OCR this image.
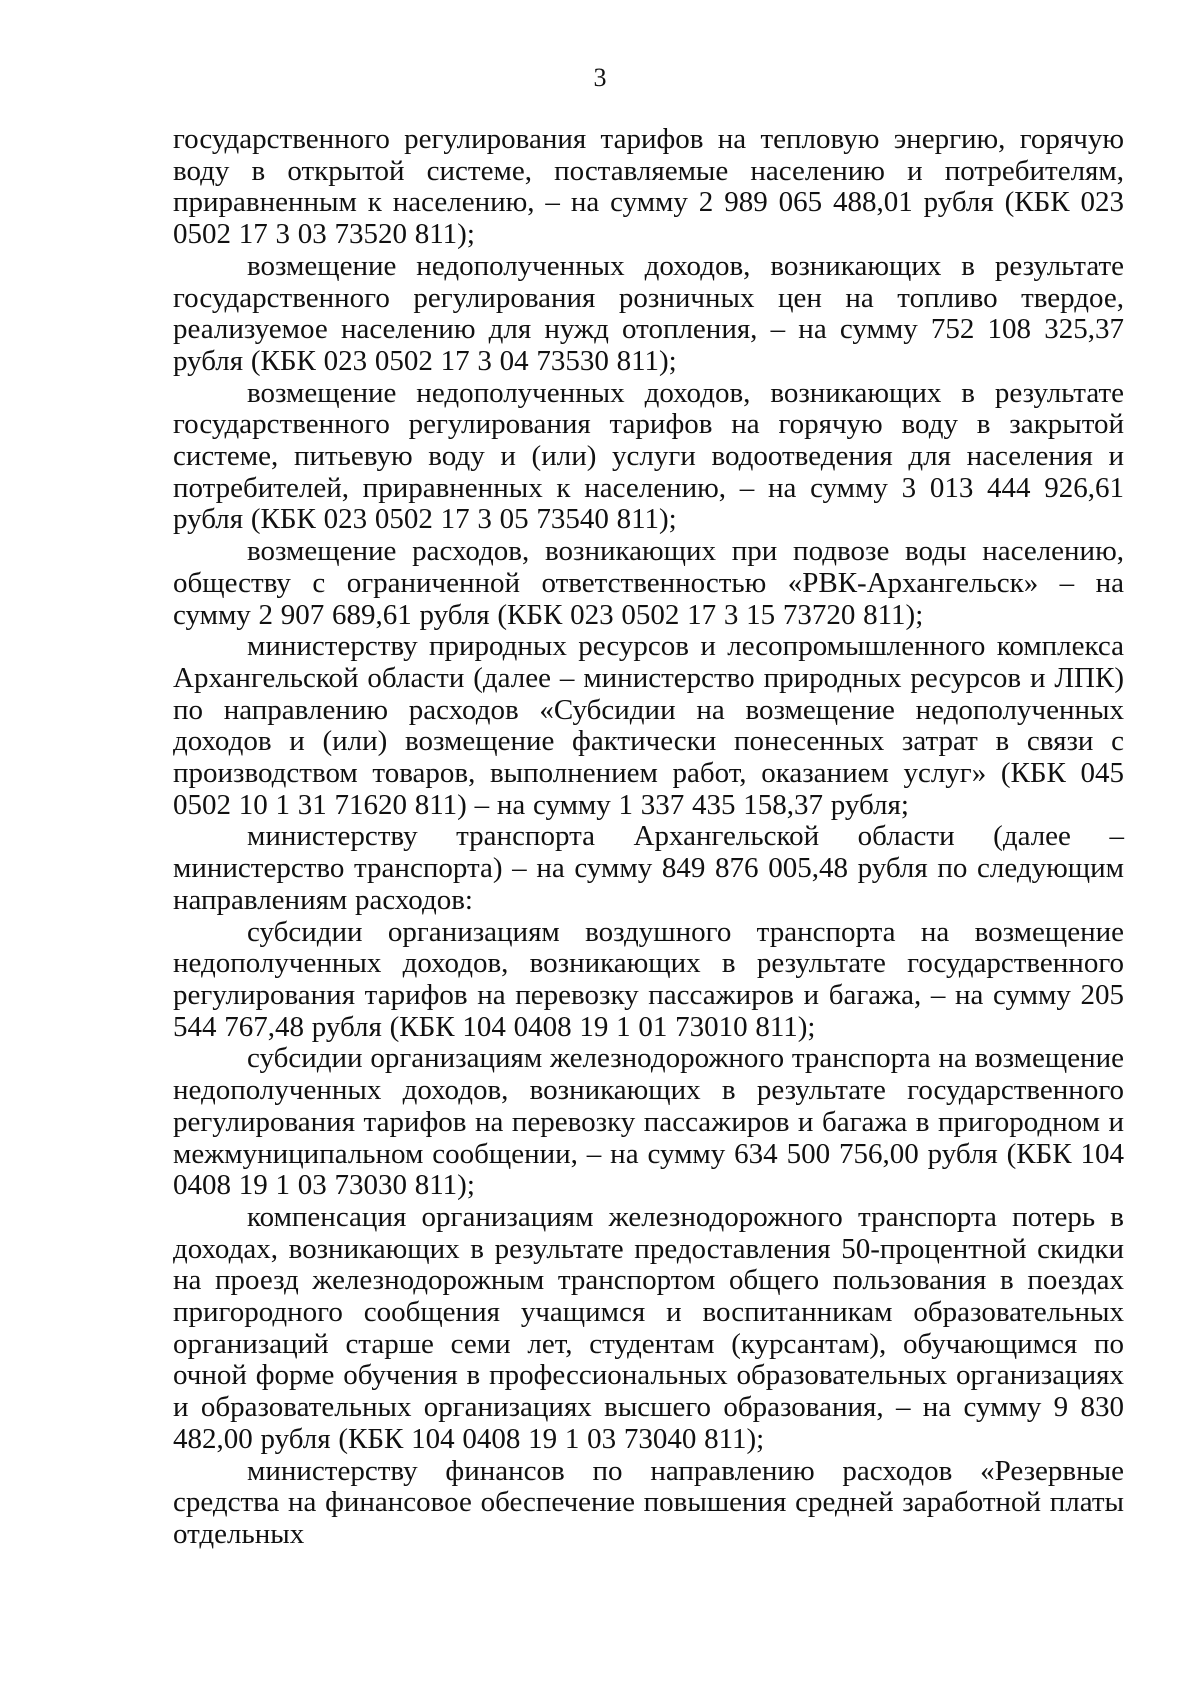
3

государственного регулирования тарифов на тепловую энергию, горячую воду в открытой системе, поставляемые населению и потребителям, приравненным к населению, – на сумму 2 989 065 488,01 рубля (КБК 023 0502 17 3 03 73520 811);

возмещение недополученных доходов, возникающих в результате государственного регулирования розничных цен на топливо твердое, реализуемое населению для нужд отопления, – на сумму 752 108 325,37 рубля (КБК 023 0502 17 3 04 73530 811);

возмещение недополученных доходов, возникающих в результате государственного регулирования тарифов на горячую воду в закрытой системе, питьевую воду и (или) услуги водоотведения для населения и потребителей, приравненных к населению, – на сумму 3 013 444 926,61 рубля (КБК 023 0502 17 3 05 73540 811);

возмещение расходов, возникающих при подвозе воды населению, обществу с ограниченной ответственностью «РВК-Архангельск» – на сумму 2 907 689,61 рубля (КБК 023 0502 17 3 15 73720 811);

министерству природных ресурсов и лесопромышленного комплекса Архангельской области (далее – министерство природных ресурсов и ЛПК) по направлению расходов «Субсидии на возмещение недополученных доходов и (или) возмещение фактически понесенных затрат в связи с производством товаров, выполнением работ, оказанием услуг» (КБК 045 0502 10 1 31 71620 811) – на сумму 1 337 435 158,37 рубля;

министерству транспорта Архангельской области (далее – министерство транспорта) – на сумму 849 876 005,48 рубля по следующим направлениям расходов:

субсидии организациям воздушного транспорта на возмещение недополученных доходов, возникающих в результате государственного регулирования тарифов на перевозку пассажиров и багажа, – на сумму 205 544 767,48 рубля (КБК 104 0408 19 1 01 73010 811);

субсидии организациям железнодорожного транспорта на возмещение недополученных доходов, возникающих в результате государственного регулирования тарифов на перевозку пассажиров и багажа в пригородном и межмуниципальном сообщении, – на сумму 634 500 756,00 рубля (КБК 104 0408 19 1 03 73030 811);

компенсация организациям железнодорожного транспорта потерь в доходах, возникающих в результате предоставления 50-процентной скидки на проезд железнодорожным транспортом общего пользования в поездах пригородного сообщения учащимся и воспитанникам образовательных организаций старше семи лет, студентам (курсантам), обучающимся по очной форме обучения в профессиональных образовательных организациях и образовательных организациях высшего образования, – на сумму 9 830 482,00 рубля (КБК 104 0408 19 1 03 73040 811);

министерству финансов по направлению расходов «Резервные средства на финансовое обеспечение повышения средней заработной платы отдельных
